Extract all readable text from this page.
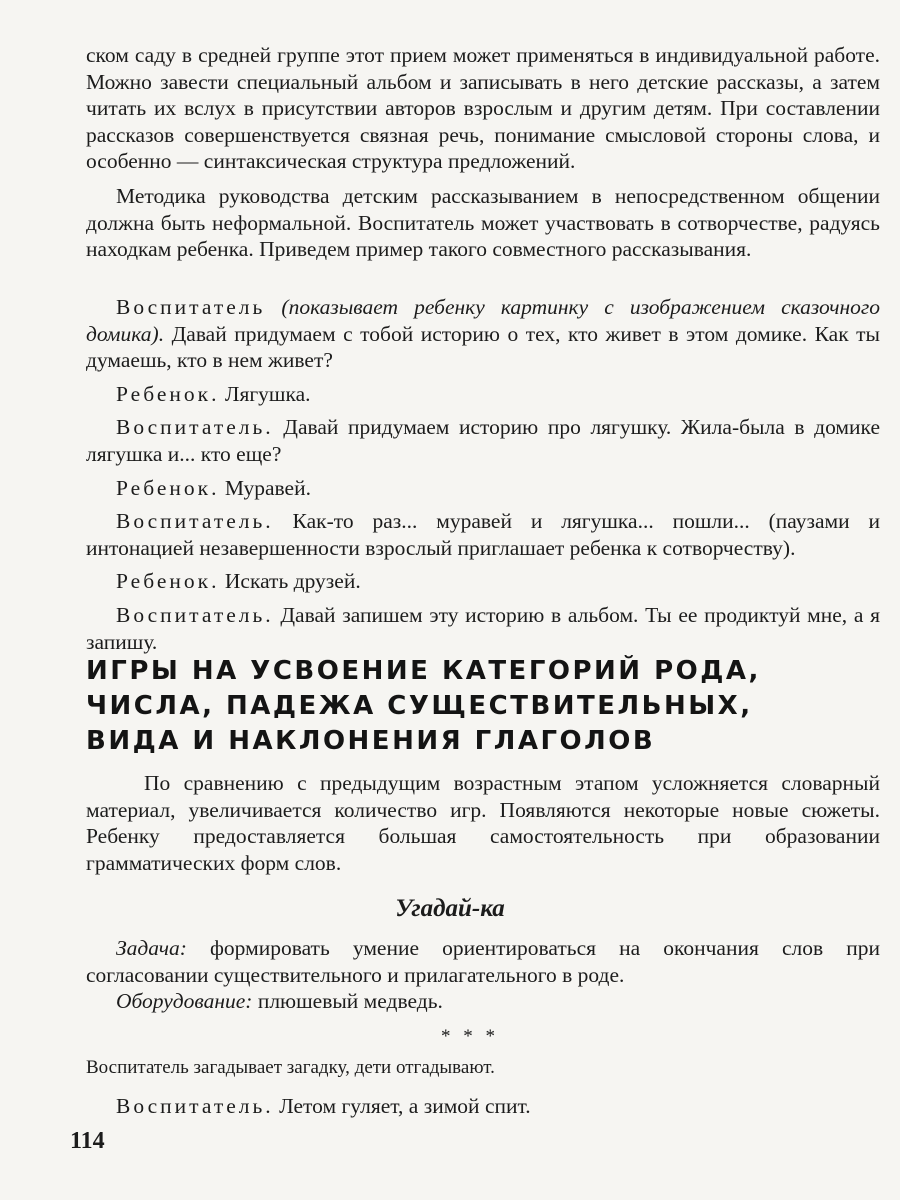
ском саду в средней группе этот прием может применяться в индивидуальной работе. Можно завести специальный альбом и записывать в него детские рассказы, а затем читать их вслух в присутствии авторов взрослым и другим детям. При составлении рассказов совершенствуется связная речь, понимание смысловой стороны слова, и особенно — синтаксическая структура предложений.

Методика руководства детским рассказыванием в непосредственном общении должна быть неформальной. Воспитатель может участвовать в сотворчестве, радуясь находкам ребенка. Приведем пример такого совместного рассказывания.

Воспитатель (показывает ребенку картинку с изображением сказочного домика). Давай придумаем с тобой историю о тех, кто живет в этом домике. Как ты думаешь, кто в нем живет?

Ребенок. Лягушка.

Воспитатель. Давай придумаем историю про лягушку. Жила-была в домике лягушка и... кто еще?

Ребенок. Муравей.

Воспитатель. Как-то раз... муравей и лягушка... пошли... (паузами и интонацией незавершенности взрослый приглашает ребенка к сотворчеству).

Ребенок. Искать друзей.

Воспитатель. Давай запишем эту историю в альбом. Ты ее продиктуй мне, а я запишу.

ИГРЫ НА УСВОЕНИЕ КАТЕГОРИЙ РОДА,
ЧИСЛА, ПАДЕЖА СУЩЕСТВИТЕЛЬНЫХ,
ВИДА И НАКЛОНЕНИЯ ГЛАГОЛОВ

По сравнению с предыдущим возрастным этапом усложняется словарный материал, увеличивается количество игр. Появляются некоторые новые сюжеты. Ребенку предоставляется большая самостоятельность при образовании грамматических форм слов.

Угадай-ка

Задача: формировать умение ориентироваться на окончания слов при согласовании существительного и прилагательного в роде.

Оборудование: плюшевый медведь.

* * *

Воспитатель загадывает загадку, дети отгадывают.

Воспитатель. Летом гуляет, а зимой спит.

114
